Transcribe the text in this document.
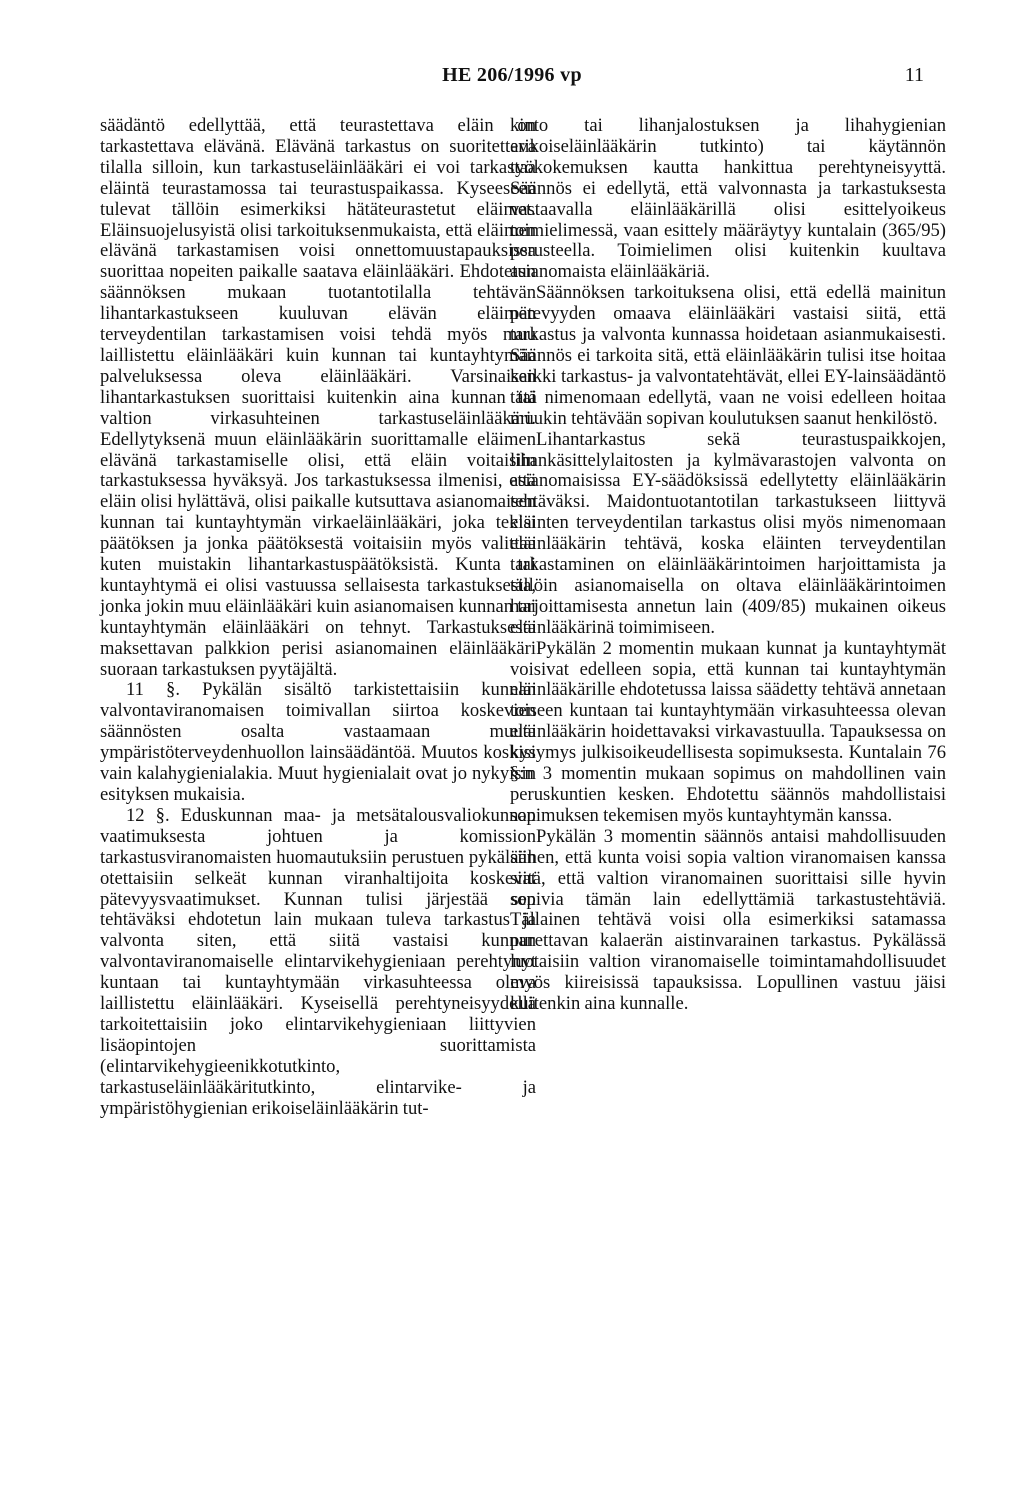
HE 206/1996 vp	11

säädäntö edellyttää, että teurastettava eläin on tarkastettava elävänä. Elävänä tarkastus on suoritettava tilalla silloin, kun tarkastuseläinlääkäri ei voi tarkastaa eläintä teurastamossa tai teurastuspaikassa. Kyseeseen tulevat tällöin esimerkiksi hätäteurastetut eläimet. Eläinsuojelusyistä olisi tarkoituksenmukaista, että eläimen elävänä tarkastamisen voisi onnettomuustapauksissa suorittaa nopeiten paikalle saatava eläinlääkäri. Ehdotetun säännöksen mukaan tuotantotilalla tehtävän lihantarkastukseen kuuluvan elävän eläimen terveydentilan tarkastamisen voisi tehdä myös muu laillistettu eläinlääkäri kuin kunnan tai kuntayhtymän palveluksessa oleva eläinlääkäri. Varsinaisen lihantarkastuksen suorittaisi kuitenkin aina kunnan tai valtion virkasuhteinen tarkastuseläinlääkäri. Edellytyksenä muun eläinlääkärin suorittamalle eläimen elävänä tarkastamiselle olisi, että eläin voitaisiin tarkastuksessa hyväksyä. Jos tarkastuksessa ilmenisi, että eläin olisi hylättävä, olisi paikalle kutsuttava asianomaisen kunnan tai kuntayhtymän virkaeläinlääkäri, joka tekisi päätöksen ja jonka päätöksestä voitaisiin myös valittaa kuten muistakin lihantarkastuspäätöksistä. Kunta tai kuntayhtymä ei olisi vastuussa sellaisesta tarkastuksesta, jonka jokin muu eläinlääkäri kuin asianomaisen kunnan tai kuntayhtymän eläinlääkäri on tehnyt. Tarkastuksesta maksettavan palkkion perisi asianomainen eläinlääkäri suoraan tarkastuksen pyytäjältä.

11 §. Pykälän sisältö tarkistettaisiin kunnan valvontaviranomaisen toimivallan siirtoa koskevien säännösten osalta vastaamaan muuta ympäristöterveydenhuollon lainsäädäntöä. Muutos koskisi vain kalahygienialakia. Muut hygienialait ovat jo nykyisin esityksen mukaisia.

12 §. Eduskunnan maa- ja metsätalousvaliokunnan vaatimuksesta johtuen ja komission tarkastusviranomaisten huomautuksiin perustuen pykälään otettaisiin selkeät kunnan viranhaltijoita koskevat pätevyysvaatimukset. Kunnan tulisi järjestää sen tehtäväksi ehdotetun lain mukaan tuleva tarkastus ja valvonta siten, että siitä vastaisi kunnan valvontaviranomaiselle elintarvikehygieniaan perehtynyt kuntaan tai kuntayhtymään virkasuhteessa oleva laillistettu eläinlääkäri. Kyseisellä perehtyneisyydellä tarkoitettaisiin joko elintarvikehygieniaan liittyvien lisäopintojen suorittamista (elintarvikehygieenikkotutkinto, tarkastuseläinlääkäritutkinto, elintarvike- ja ympäristöhygienian erikoiseläinlääkärin tut-

kinto tai lihanjalostuksen ja lihahygienian erikoiseläinlääkärin tutkinto) tai käytännön työkokemuksen kautta hankittua perehtyneisyyttä. Säännös ei edellytä, että valvonnasta ja tarkastuksesta vastaavalla eläinlääkärillä olisi esittelyoikeus toimielimessä, vaan esittely määräytyy kuntalain (365/95) perusteella. Toimielimen olisi kuitenkin kuultava asianomaista eläinlääkäriä.

Säännöksen tarkoituksena olisi, että edellä mainitun pätevyyden omaava eläinlääkäri vastaisi siitä, että tarkastus ja valvonta kunnassa hoidetaan asianmukaisesti. Säännös ei tarkoita sitä, että eläinlääkärin tulisi itse hoitaa kaikki tarkastus- ja valvontatehtävät, ellei EY-lainsäädäntö tätä nimenomaan edellytä, vaan ne voisi edelleen hoitaa muukin tehtävään sopivan koulutuksen saanut henkilöstö.

Lihantarkastus sekä teurastuspaikkojen, lihankäsittelylaitosten ja kylmävarastojen valvonta on asianomaisissa EY-säädöksissä edellytetty eläinlääkärin tehtäväksi. Maidontuotantotilan tarkastukseen liittyvä eläinten terveydentilan tarkastus olisi myös nimenomaan eläinlääkärin tehtävä, koska eläinten terveydentilan tarkastaminen on eläinlääkärintoimen harjoittamista ja tällöin asianomaisella on oltava eläinlääkärintoimen harjoittamisesta annetun lain (409/85) mukainen oikeus eläinlääkärinä toimimiseen.

Pykälän 2 momentin mukaan kunnat ja kuntayhtymät voisivat edelleen sopia, että kunnan tai kuntayhtymän eläinlääkärille ehdotetussa laissa säädetty tehtävä annetaan toiseen kuntaan tai kuntayhtymään virkasuhteessa olevan eläinlääkärin hoidettavaksi virkavastuulla. Tapauksessa on kysymys julkisoikeudellisesta sopimuksesta. Kuntalain 76 §:n 3 momentin mukaan sopimus on mahdollinen vain peruskuntien kesken. Ehdotettu säännös mahdollistaisi sopimuksen tekemisen myös kuntayhtymän kanssa.

Pykälän 3 momentin säännös antaisi mahdollisuuden siihen, että kunta voisi sopia valtion viranomaisen kanssa siitä, että valtion viranomainen suorittaisi sille hyvin sopivia tämän lain edellyttämiä tarkastustehtäviä. Tällainen tehtävä voisi olla esimerkiksi satamassa purettavan kalaerän aistinvarainen tarkastus. Pykälässä luotaisiin valtion viranomaiselle toimintamahdollisuudet myös kiireisissä tapauksissa. Lopullinen vastuu jäisi kuitenkin aina kunnalle.
